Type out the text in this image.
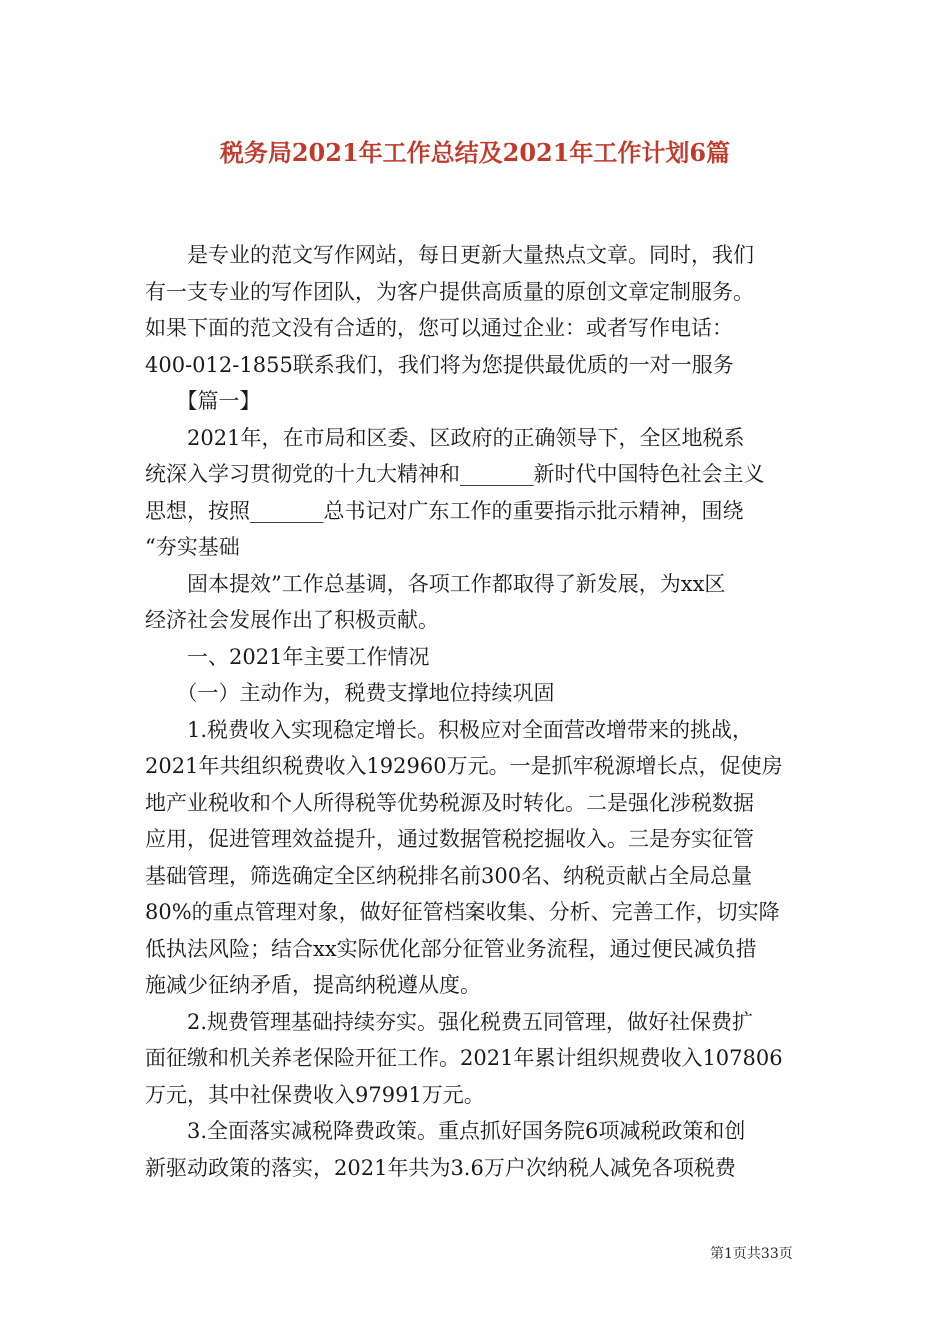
税务局2021年工作总结及2021年工作计划6篇
　　是专业的范文写作网站，每日更新大量热点文章。同时，我们
有一支专业的写作团队，为客户提供高质量的原创文章定制服务。
如果下面的范文没有合适的，您可以通过企业：或者写作电话：
400-012-1855联系我们，我们将为您提供最优质的一对一服务
　　【篇一】
　　2021年，在市局和区委、区政府的正确领导下，全区地税系
统深入学习贯彻党的十九大精神和_______新时代中国特色社会主义
思想，按照_______总书记对广东工作的重要指示批示精神，围绕
“夯实基础
　　固本提效”工作总基调，各项工作都取得了新发展，为xx区
经济社会发展作出了积极贡献。
　　一、2021年主要工作情况
　　（一）主动作为，税费支撑地位持续巩固
　　1.税费收入实现稳定增长。积极应对全面营改增带来的挑战，
2021年共组织税费收入192960万元。一是抓牢税源增长点，促使房
地产业税收和个人所得税等优势税源及时转化。二是强化涉税数据
应用，促进管理效益提升，通过数据管税挖掘收入。三是夯实征管
基础管理，筛选确定全区纳税排名前300名、纳税贡献占全局总量
80%的重点管理对象，做好征管档案收集、分析、完善工作，切实降
低执法风险；结合xx实际优化部分征管业务流程，通过便民减负措
施减少征纳矛盾，提高纳税遵从度。
　　2.规费管理基础持续夯实。强化税费五同管理，做好社保费扩
面征缴和机关养老保险开征工作。2021年累计组织规费收入107806
万元，其中社保费收入97991万元。
　　3.全面落实减税降费政策。重点抓好国务院6项减税政策和创
新驱动政策的落实，2021年共为3.6万户次纳税人减免各项税费
第1页共33页
